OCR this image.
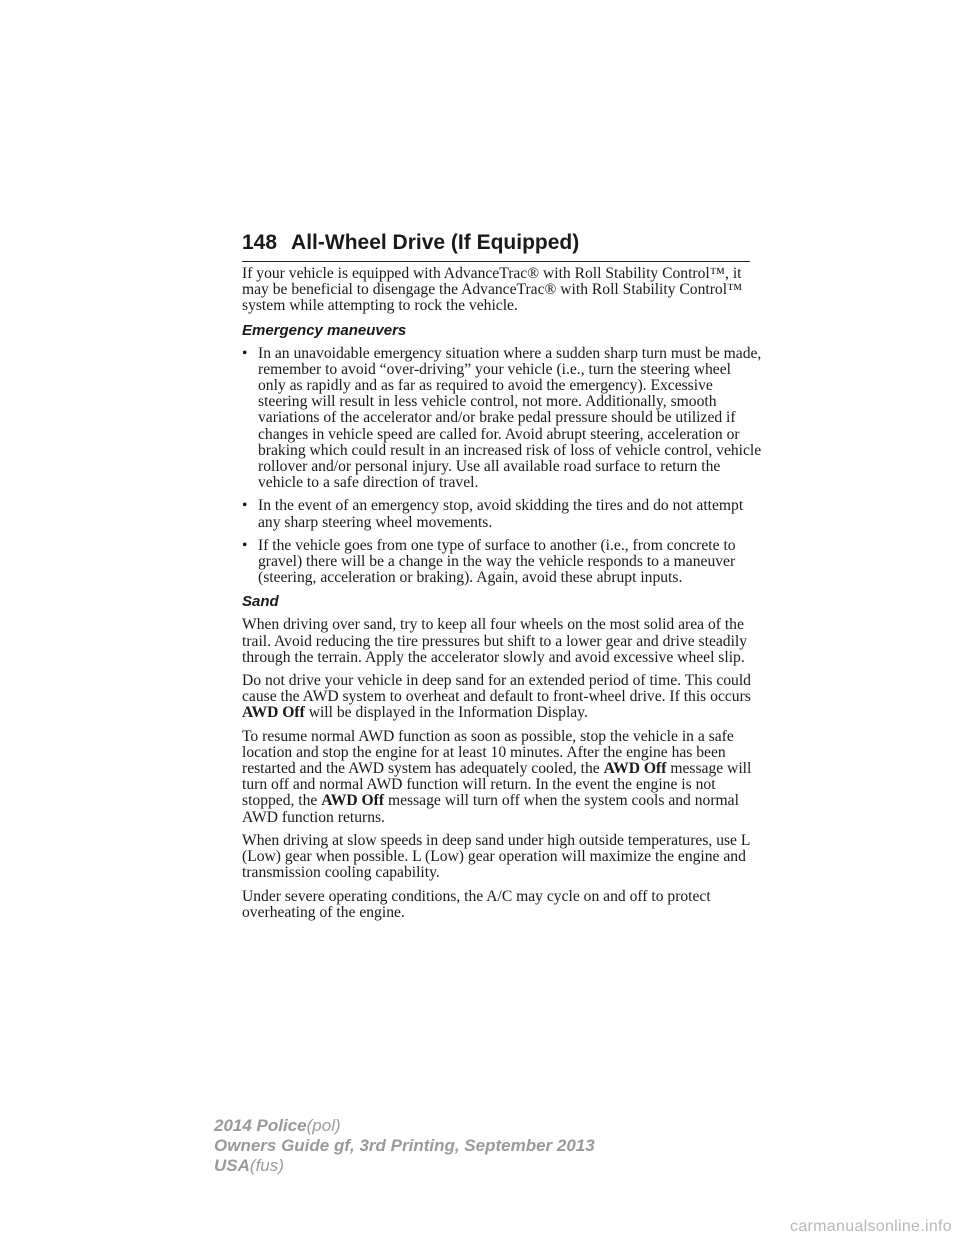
148 All-Wheel Drive (If Equipped)

If your vehicle is equipped with AdvanceTrac® with Roll Stability Control™, it may be beneficial to disengage the AdvanceTrac® with Roll Stability Control™ system while attempting to rock the vehicle.

Emergency maneuvers
• In an unavoidable emergency situation where a sudden sharp turn must be made, remember to avoid “over-driving” your vehicle (i.e., turn the steering wheel only as rapidly and as far as required to avoid the emergency). Excessive steering will result in less vehicle control, not more. Additionally, smooth variations of the accelerator and/or brake pedal pressure should be utilized if changes in vehicle speed are called for. Avoid abrupt steering, acceleration or braking which could result in an increased risk of loss of vehicle control, vehicle rollover and/or personal injury. Use all available road surface to return the vehicle to a safe direction of travel.
• In the event of an emergency stop, avoid skidding the tires and do not attempt any sharp steering wheel movements.
• If the vehicle goes from one type of surface to another (i.e., from concrete to gravel) there will be a change in the way the vehicle responds to a maneuver (steering, acceleration or braking). Again, avoid these abrupt inputs.
Sand

When driving over sand, try to keep all four wheels on the most solid area of the trail. Avoid reducing the tire pressures but shift to a lower gear and drive steadily through the terrain. Apply the accelerator slowly and avoid excessive wheel slip.

Do not drive your vehicle in deep sand for an extended period of time. This could cause the AWD system to overheat and default to front-wheel drive. If this occurs AWD Off will be displayed in the Information Display.

To resume normal AWD function as soon as possible, stop the vehicle in a safe location and stop the engine for at least 10 minutes. After the engine has been restarted and the AWD system has adequately cooled, the AWD Off message will turn off and normal AWD function will return. In the event the engine is not stopped, the AWD Off message will turn off when the system cools and normal AWD function returns.

When driving at slow speeds in deep sand under high outside temperatures, use L (Low) gear when possible. L (Low) gear operation will maximize the engine and transmission cooling capability.

Under severe operating conditions, the A/C may cycle on and off to protect overheating of the engine.

2014 Police(pol)
Owners Guide gf, 3rd Printing, September 2013
USA(fus)
carmanualsonline.info
